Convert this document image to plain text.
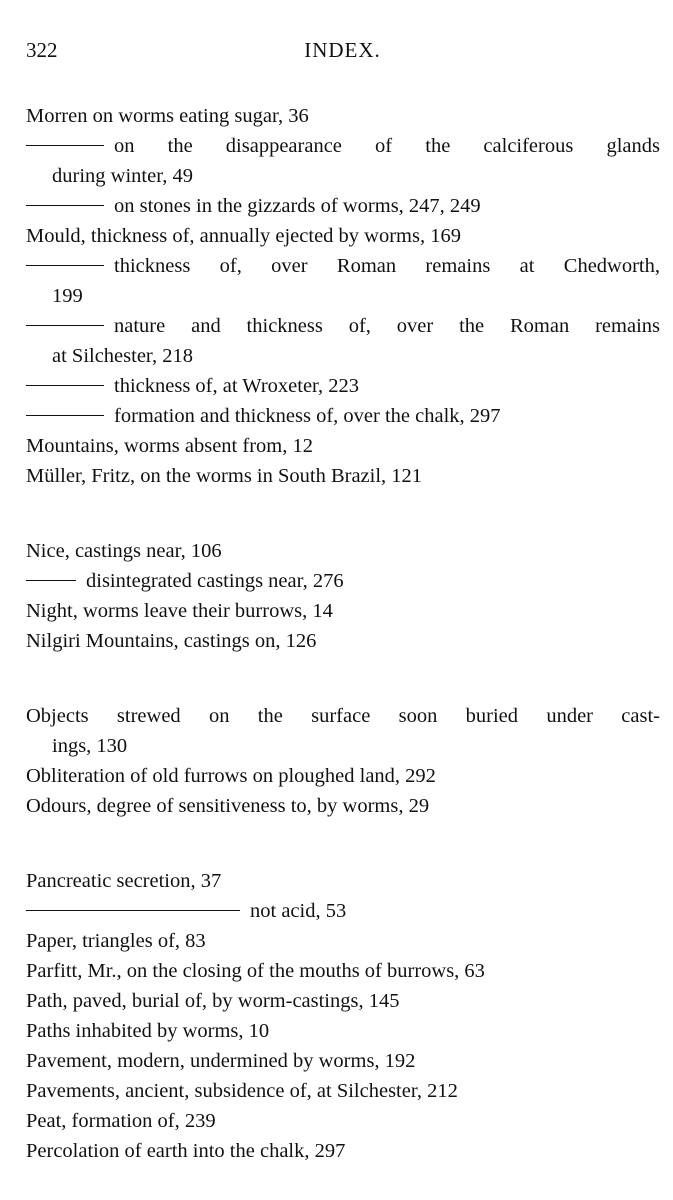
322	INDEX.
Morren on worms eating sugar, 36
on the disappearance of the calciferous glands
during winter, 49
on stones in the gizzards of worms, 247, 249
Mould, thickness of, annually ejected by worms, 169
thickness of, over Roman remains at Chedworth,
199
nature and thickness of, over the Roman remains
at Silchester, 218
thickness of, at Wroxeter, 223
formation and thickness of, over the chalk, 297
Mountains, worms absent from, 12
Müller, Fritz, on the worms in South Brazil, 121
Nice, castings near, 106
disintegrated castings near, 276
Night, worms leave their burrows, 14
Nilgiri Mountains, castings on, 126
Objects strewed on the surface soon buried under cast-
ings, 130
Obliteration of old furrows on ploughed land, 292
Odours, degree of sensitiveness to, by worms, 29
Pancreatic secretion, 37
not acid, 53
Paper, triangles of, 83
Parfitt, Mr., on the closing of the mouths of burrows, 63
Path, paved, burial of, by worm-castings, 145
Paths inhabited by worms, 10
Pavement, modern, undermined by worms, 192
Pavements, ancient, subsidence of, at Silchester, 212
Peat, formation of, 239
Percolation of earth into the chalk, 297
